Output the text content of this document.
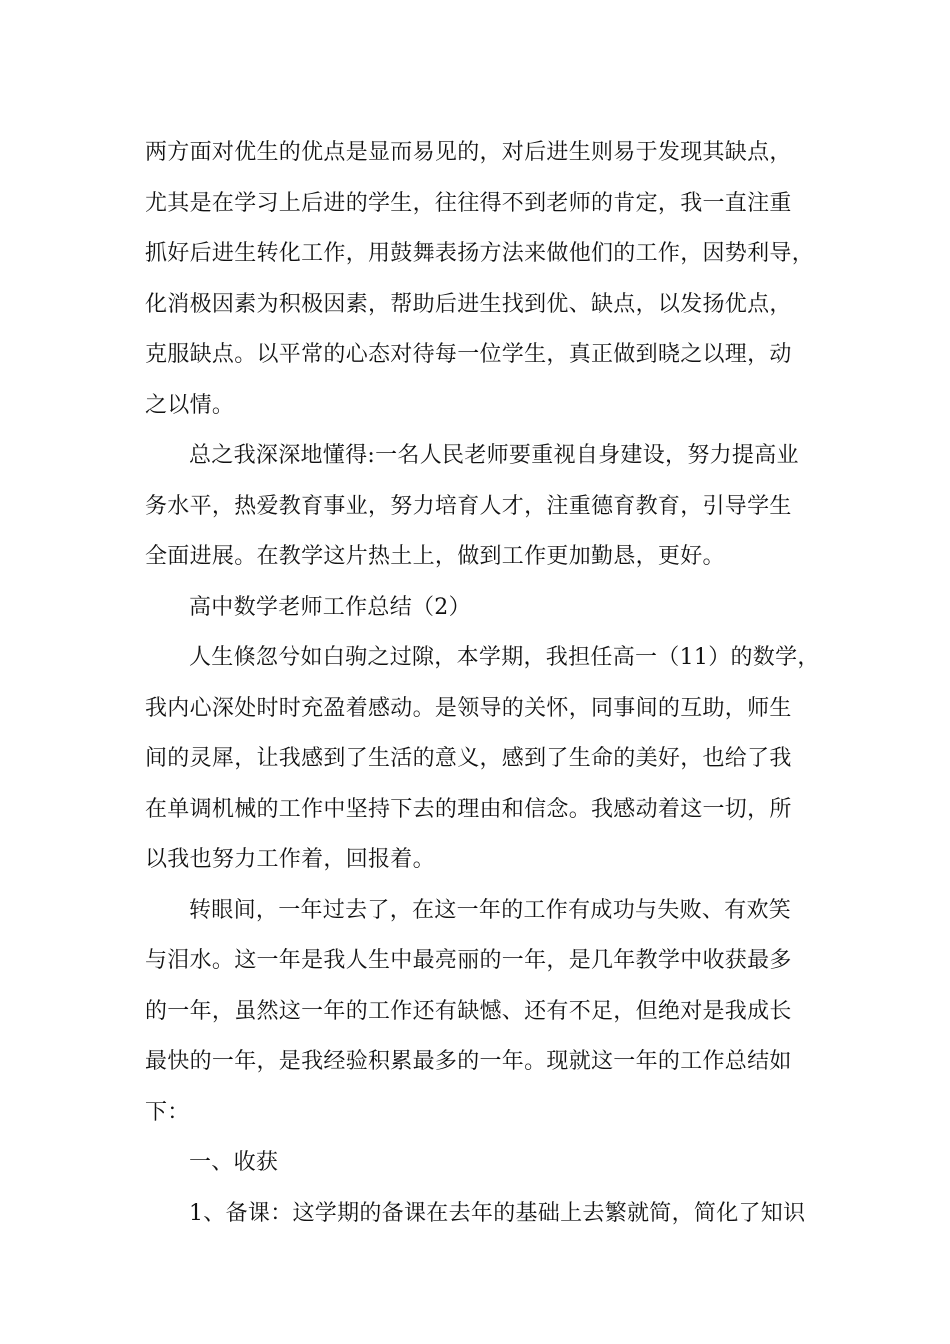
两方面对优生的优点是显而易见的，对后进生则易于发现其缺点，
尤其是在学习上后进的学生，往往得不到老师的肯定，我一直注重
抓好后进生转化工作，用鼓舞表扬方法来做他们的工作，因势利导，
化消极因素为积极因素，帮助后进生找到优、缺点，以发扬优点，
克服缺点。以平常的心态对待每一位学生，真正做到晓之以理，动
之以情。
总之我深深地懂得:一名人民老师要重视自身建设，努力提高业
务水平，热爱教育事业，努力培育人才，注重德育教育，引导学生
全面进展。在教学这片热土上，做到工作更加勤恳，更好。
高中数学老师工作总结（2）
人生倏忽兮如白驹之过隙，本学期，我担任高一（11）的数学，
我内心深处时时充盈着感动。是领导的关怀，同事间的互助，师生
间的灵犀，让我感到了生活的意义，感到了生命的美好，也给了我
在单调机械的工作中坚持下去的理由和信念。我感动着这一切，所
以我也努力工作着，回报着。
转眼间，一年过去了，在这一年的工作有成功与失败、有欢笑
与泪水。这一年是我人生中最亮丽的一年，是几年教学中收获最多
的一年，虽然这一年的工作还有缺憾、还有不足，但绝对是我成长
最快的一年，是我经验积累最多的一年。现就这一年的工作总结如
下：
一、收获
1、备课：这学期的备课在去年的基础上去繁就简，简化了知识
